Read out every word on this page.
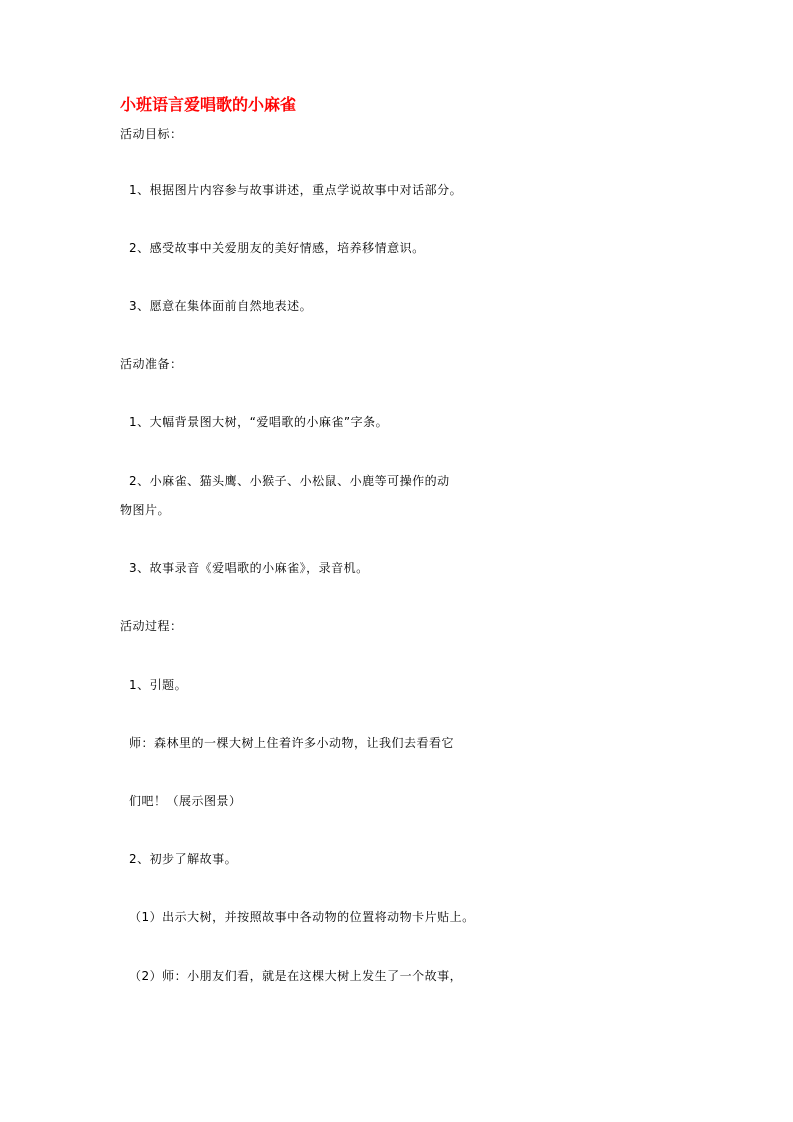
小班语言爱唱歌的小麻雀
活动目标：
1、根据图片内容参与故事讲述，重点学说故事中对话部分。
2、感受故事中关爱朋友的美好情感，培养移情意识。
3、愿意在集体面前自然地表述。
活动准备：
1、大幅背景图大树，“爱唱歌的小麻雀”字条。
2、小麻雀、猫头鹰、小猴子、小松鼠、小鹿等可操作的动
物图片。
3、故事录音《爱唱歌的小麻雀》，录音机。
活动过程：
1、引题。
师：森林里的一棵大树上住着许多小动物，让我们去看看它
们吧！（展示图景）
2、初步了解故事。
（1）出示大树，并按照故事中各动物的位置将动物卡片贴上。
（2）师：小朋友们看，就是在这棵大树上发生了一个故事，
